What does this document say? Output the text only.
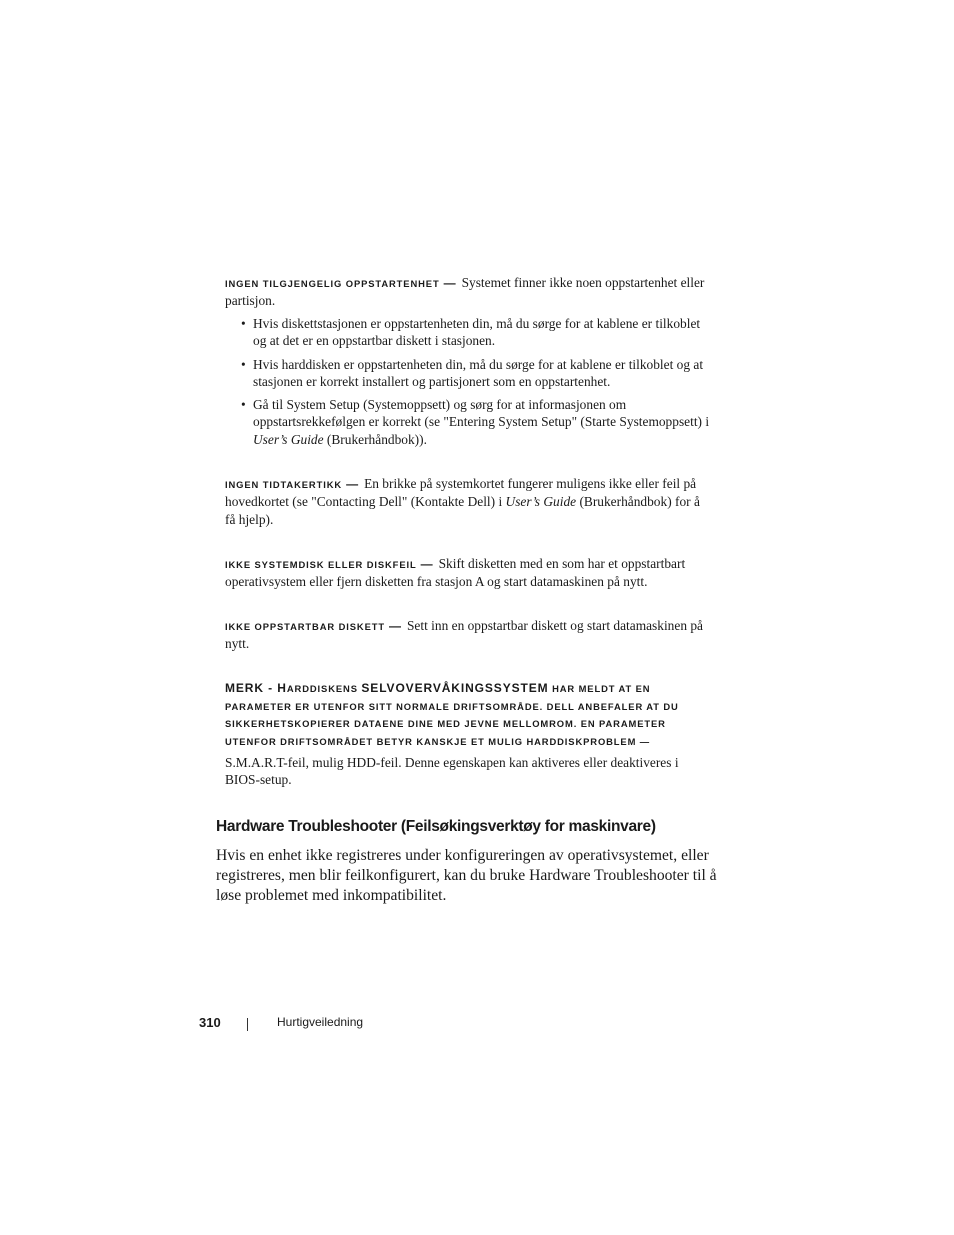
INGEN TILGJENGELIG OPPSTARTENHET — Systemet finner ikke noen oppstartenhet eller partisjon.
• Hvis diskettstasjonen er oppstartenheten din, må du sørge for at kablene er tilkoblet og at det er en oppstartbar diskett i stasjonen.
• Hvis harddisken er oppstartenheten din, må du sørge for at kablene er tilkoblet og at stasjonen er korrekt installert og partisjonert som en oppstartenhet.
• Gå til System Setup (Systemoppsett) og sørg for at informasjonen om oppstartsrekkefølgen er korrekt (se "Entering System Setup" (Starte Systemoppsett) i User’s Guide (Brukerhåndbok)).
INGEN TIDTAKERTIKK — En brikke på systemkortet fungerer muligens ikke eller feil på hovedkortet (se "Contacting Dell" (Kontakte Dell) i User’s Guide (Brukerhåndbok) for å få hjelp).
IKKE SYSTEMDISK ELLER DISKFEIL — Skift disketten med en som har et oppstartbart operativsystem eller fjern disketten fra stasjon A og start datamaskinen på nytt.
IKKE OPPSTARTBAR DISKETT — Sett inn en oppstartbar diskett og start datamaskinen på nytt.
MERK - HARDDISKENS SELVOVERVÅKINGSSYSTEM HAR MELDT AT EN PARAMETER ER UTENFOR SITT NORMALE DRIFTSOMRÅDE. DELL ANBEFALER AT DU SIKKERHETSKOPIERER DATAENE DINE MED JEVNE MELLOMROM. EN PARAMETER UTENFOR DRIFTSOMRÅDET BETYR KANSKJE ET MULIG HARDDISKPROBLEM —
S.M.A.R.T-feil, mulig HDD-feil. Denne egenskapen kan aktiveres eller deaktiveres i BIOS-setup.
Hardware Troubleshooter (Feilsøkingsverktøy for maskinvare)
Hvis en enhet ikke registreres under konfigureringen av operativsystemet, eller registreres, men blir feilkonfigurert, kan du bruke Hardware Troubleshooter til å løse problemet med inkompatibilitet.
310	Hurtigveiledning
